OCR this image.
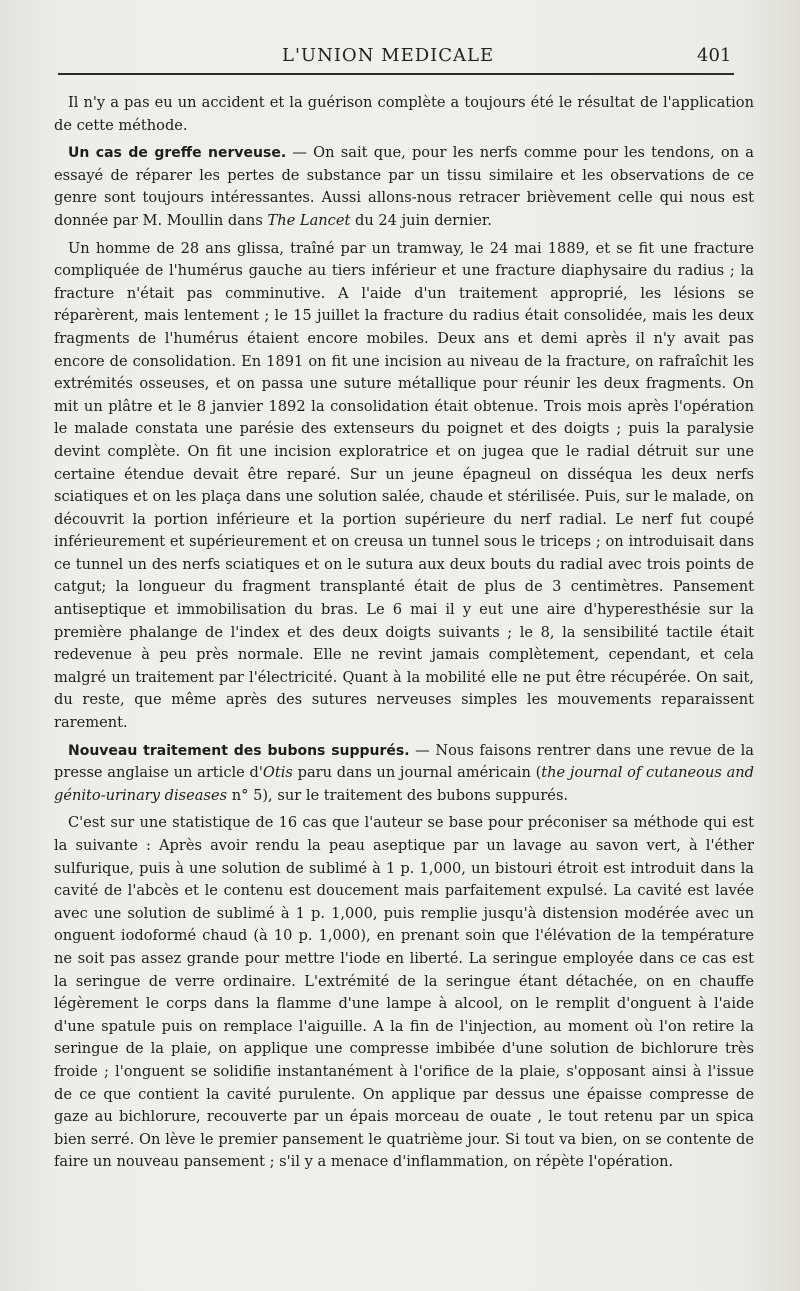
L'UNION MEDICALE	401

Il n'y a pas eu un accident et la guérison complète a toujours été le résultat de l'application de cette méthode.

Un cas de greffe nerveuse. — On sait que, pour les nerfs comme pour les tendons, on a essayé de réparer les pertes de substance par un tissu similaire et les observations de ce genre sont toujours intéressantes. Aussi allons-nous retracer brièvement celle qui nous est donnée par M. Moullin dans The Lancet du 24 juin dernier.

Un homme de 28 ans glissa, traîné par un tramway, le 24 mai 1889, et se fit une fracture compliquée de l'humérus gauche au tiers inférieur et une fracture diaphysaire du radius ; la fracture n'était pas comminutive. A l'aide d'un traitement approprié, les lésions se réparèrent, mais lentement ; le 15 juillet la fracture du radius était consolidée, mais les deux fragments de l'humérus étaient encore mobiles. Deux ans et demi après il n'y avait pas encore de consolidation. En 1891 on fit une incision au niveau de la fracture, on rafraîchit les extrémités osseuses, et on passa une suture métallique pour réunir les deux fragments. On mit un plâtre et le 8 janvier 1892 la consolidation était obtenue. Trois mois après l'opération le malade constata une parésie des extenseurs du poignet et des doigts ; puis la paralysie devint complète. On fit une incision exploratrice et on jugea que le radial détruit sur une certaine étendue devait être reparé. Sur un jeune épagneul on disséqua les deux nerfs sciatiques et on les plaça dans une solution salée, chaude et stérilisée. Puis, sur le malade, on découvrit la portion inférieure et la portion supérieure du nerf radial. Le nerf fut coupé inférieurement et supérieurement et on creusa un tunnel sous le triceps ; on introduisait dans ce tunnel un des nerfs sciatiques et on le sutura aux deux bouts du radial avec trois points de catgut; la longueur du fragment transplanté était de plus de 3 centimètres. Pansement antiseptique et immobilisation du bras. Le 6 mai il y eut une aire d'hyperesthésie sur la première phalange de l'index et des deux doigts suivants ; le 8, la sensibilité tactile était redevenue à peu près normale. Elle ne revint jamais complètement, cependant, et cela malgré un traitement par l'électricité. Quant à la mobilité elle ne put être récupérée. On sait, du reste, que même après des sutures nerveuses simples les mouvements reparaissent rarement.

Nouveau traitement des bubons suppurés. — Nous faisons rentrer dans une revue de la presse anglaise un article d'Otis paru dans un journal américain (the journal of cutaneous and génito-urinary diseases n° 5), sur le traitement des bubons suppurés.

C'est sur une statistique de 16 cas que l'auteur se base pour préconiser sa méthode qui est la suivante : Après avoir rendu la peau aseptique par un lavage au savon vert, à l'éther sulfurique, puis à une solution de sublimé à 1 p. 1,000, un bistouri étroit est introduit dans la cavité de l'abcès et le contenu est doucement mais parfaitement expulsé. La cavité est lavée avec une solution de sublimé à 1 p. 1,000, puis remplie jusqu'à distension modérée avec un onguent iodoformé chaud (à 10 p. 1,000), en prenant soin que l'élévation de la température ne soit pas assez grande pour mettre l'iode en liberté. La seringue employée dans ce cas est la seringue de verre ordinaire. L'extrémité de la seringue étant détachée, on en chauffe légèrement le corps dans la flamme d'une lampe à alcool, on le remplit d'onguent à l'aide d'une spatule puis on remplace l'aiguille. A la fin de l'injection, au moment où l'on retire la seringue de la plaie, on applique une compresse imbibée d'une solution de bichlorure très froide ; l'onguent se solidifie instantanément à l'orifice de la plaie, s'opposant ainsi à l'issue de ce que contient la cavité purulente. On applique par dessus une épaisse compresse de gaze au bichlorure, recouverte par un épais morceau de ouate , le tout retenu par un spica bien serré. On lève le premier pansement le quatrième jour. Si tout va bien, on se contente de faire un nouveau pansement ; s'il y a menace d'inflammation, on répète l'opération.
